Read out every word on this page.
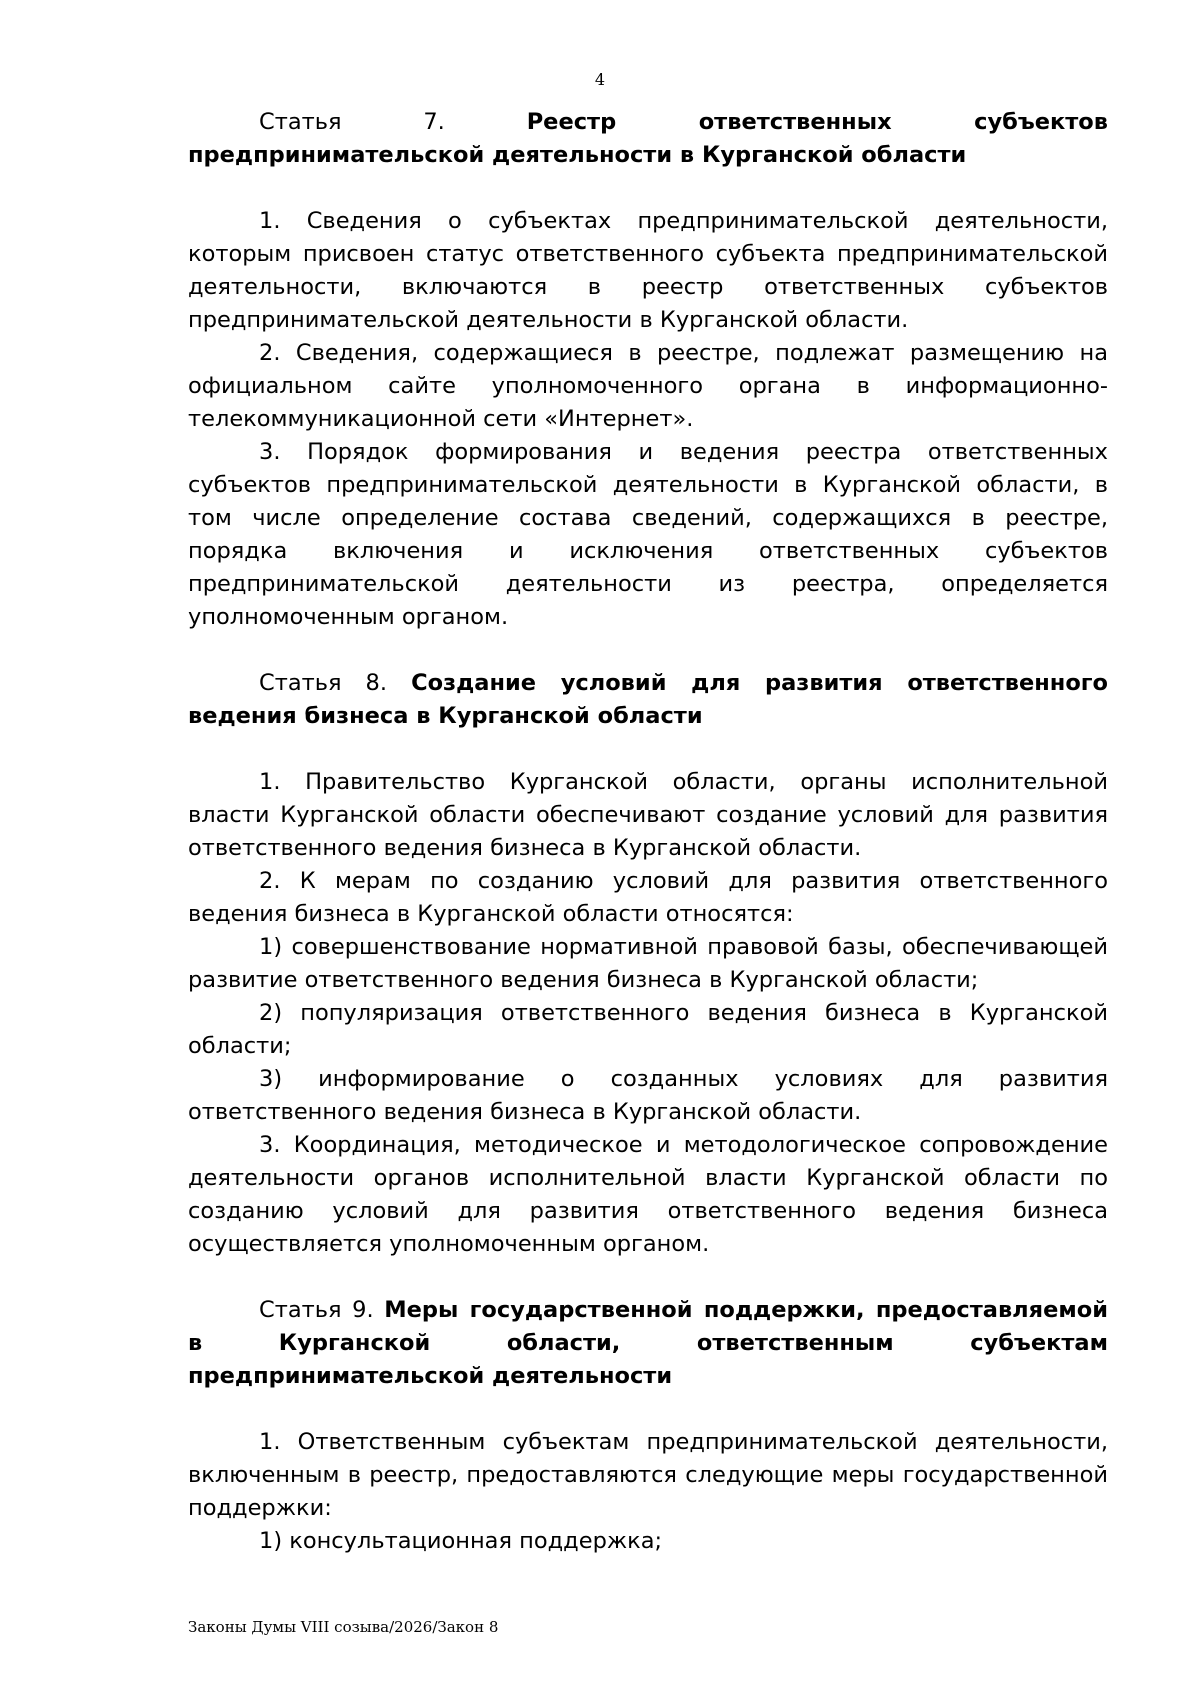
4

Статья 7.	Реестр ответственных субъектов предпринимательской деятельности в Курганской области

1. Сведения о субъектах предпринимательской деятельности, которым присвоен статус ответственного субъекта предпринимательской деятельности, включаются в реестр ответственных субъектов предпринимательской деятельности в Курганской области.

2. Сведения, содержащиеся в реестре, подлежат размещению на официальном сайте уполномоченного органа в информационно-телекоммуникационной сети «Интернет».

3. Порядок формирования и ведения реестра ответственных субъектов предпринимательской деятельности в Курганской области, в том числе определение состава сведений, содержащихся в реестре, порядка включения и исключения ответственных субъектов предпринимательской деятельности из реестра, определяется уполномоченным органом.

Статья 8. Создание условий для развития ответственного ведения бизнеса в Курганской области

1. Правительство Курганской области, органы исполнительной власти Курганской области обеспечивают создание условий для развития ответственного ведения бизнеса в Курганской области.

2. К мерам по созданию условий для развития ответственного ведения бизнеса в Курганской области относятся:

1) совершенствование нормативной правовой базы, обеспечивающей развитие ответственного ведения бизнеса в Курганской области;

2) популяризация ответственного ведения бизнеса в Курганской области;

3) информирование о созданных условиях для развития ответственного ведения бизнеса в Курганской области.

3. Координация, методическое и методологическое сопровождение деятельности органов исполнительной власти Курганской области по созданию условий для развития ответственного ведения бизнеса осуществляется уполномоченным органом.

Статья 9. Меры государственной поддержки, предоставляемой в Курганской области, ответственным субъектам предпринимательской деятельности

1. Ответственным субъектам предпринимательской деятельности, включенным в реестр, предоставляются следующие меры государственной поддержки:

1) консультационная поддержка;

Законы Думы VIII созыва/2026/Закон 8
